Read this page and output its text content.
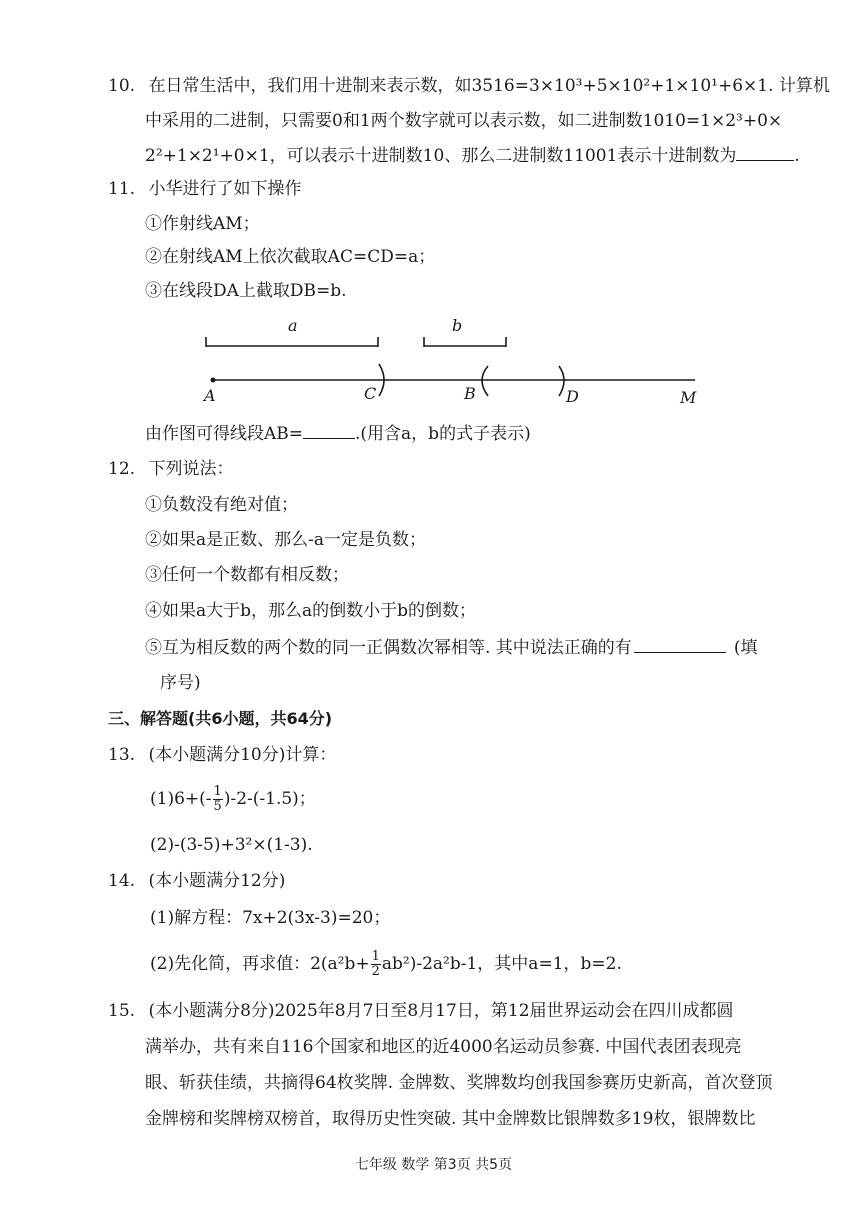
10. 在日常生活中，我们用十进制来表示数，如3516=3×10³+5×10²+1×10¹+6×1. 计算机
中采用的二进制，只需要0和1两个数字就可以表示数，如二进制数1010=1×2³+0×
2²+1×2¹+0×1，可以表示十进制数10、那么二进制数11001表示十进制数为	.
11. 小华进行了如下操作
①作射线AM；
②在射线AM上依次截取AC=CD=a；
③在线段DA上截取DB=b.
a	b
A	C	B	D	M
由作图可得线段AB=	.(用含a，b的式子表示)
12. 下列说法：
①负数没有绝对值；
②如果a是正数、那么-a一定是负数；
③任何一个数都有相反数；
④如果a大于b，那么a的倒数小于b的倒数；
⑤互为相反数的两个数的同一正偶数次幂相等. 其中说法正确的有	(填
序号)
三、解答题(共6小题，共64分)
13. (本小题满分10分)计算：
$(1)6+(- \frac{1}{5} )-2-(-1.5)$；
(2)-(3-5)+3²×(1-3).
14. (本小题满分12分)
(1)解方程：7x+2(3x-3)=20；
(2)先化简，再求值：$2(a^2b+ \frac{1}{2} ab^2)-2a^2b-1$，其中a=1，b=2.
15. (本小题满分8分)2025年8月7日至8月17日，第12届世界运动会在四川成都圆
满举办，共有来自116个国家和地区的近4000名运动员参赛. 中国代表团表现亮
眼、斩获佳绩，共摘得64枚奖牌. 金牌数、奖牌数均创我国参赛历史新高，首次登顶
金牌榜和奖牌榜双榜首，取得历史性突破. 其中金牌数比银牌数多19枚，银牌数比
七年级 数学 第3页 共5页
